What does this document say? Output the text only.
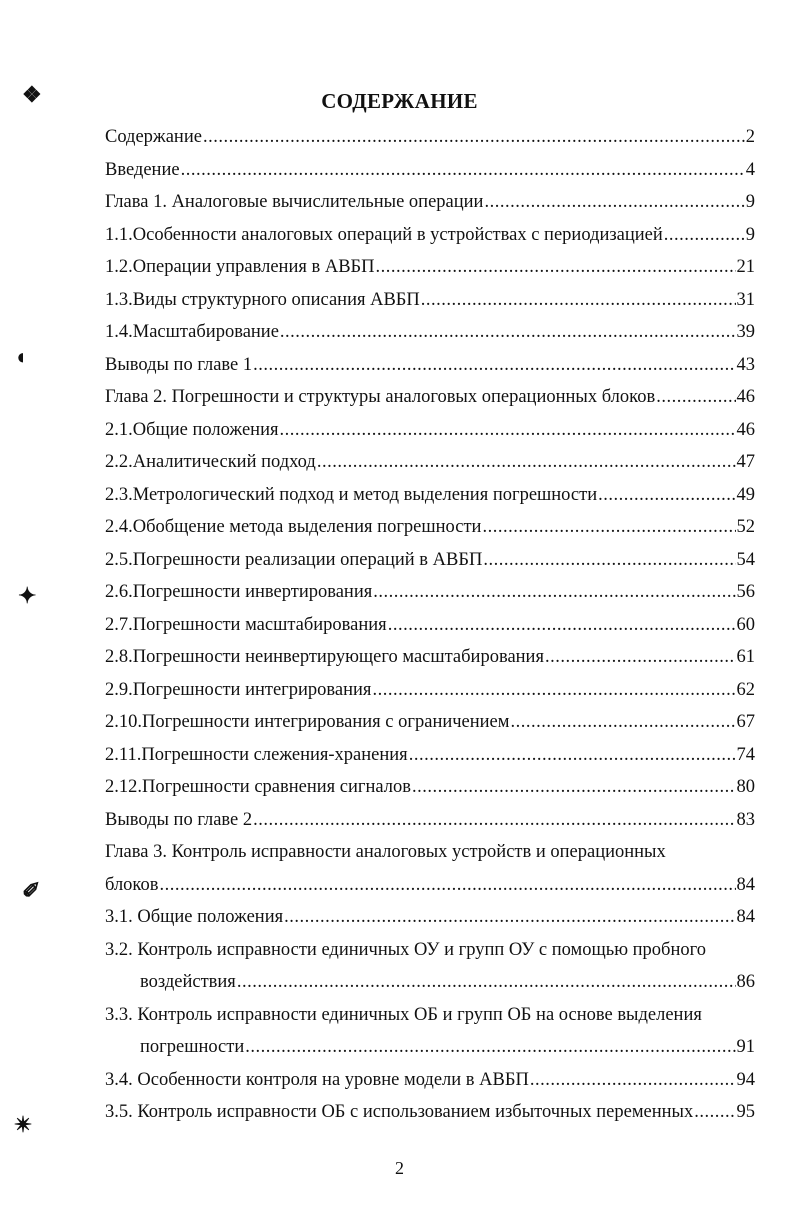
СОДЕРЖАНИЕ
Содержание .....	2
Введение .....	4
Глава 1. Аналоговые вычислительные операции .....	9
1.1. Особенности аналоговых операций в устройствах с периодизацией .....	9
1.2. Операции управления в АВБП .....	21
1.3. Виды структурного описания АВБП .....	31
1.4. Масштабирование .....	39
Выводы по главе 1 .....	43
Глава 2. Погрешности и структуры аналоговых операционных блоков .....	46
2.1. Общие положения .....	46
2.2. Аналитический подход .....	47
2.3. Метрологический подход и метод выделения погрешности .....	49
2.4. Обобщение метода выделения погрешности .....	52
2.5. Погрешности реализации операций в АВБП .....	54
2.6. Погрешности инвертирования .....	56
2.7. Погрешности масштабирования .....	60
2.8. Погрешности неинвертирующего масштабирования .....	61
2.9. Погрешности интегрирования .....	62
2.10. Погрешности интегрирования с ограничением .....	67
2.11. Погрешности слежения-хранения .....	74
2.12. Погрешности сравнения сигналов .....	80
Выводы по главе 2 .....	83
Глава 3. Контроль исправности аналоговых устройств и операционных
блоков .....	84
3.1. Общие положения .....	84
3.2. Контроль исправности единичных ОУ и групп ОУ с помощью пробного
воздействия .....	86
3.3. Контроль исправности единичных ОБ и групп ОБ на основе выделения
погрешности .....	91
3.4. Особенности контроля на уровне модели в АВБП .....	94
3.5. Контроль исправности ОБ с использованием избыточных переменных ..... 95
2
❖
◖
✦
✐
✴
